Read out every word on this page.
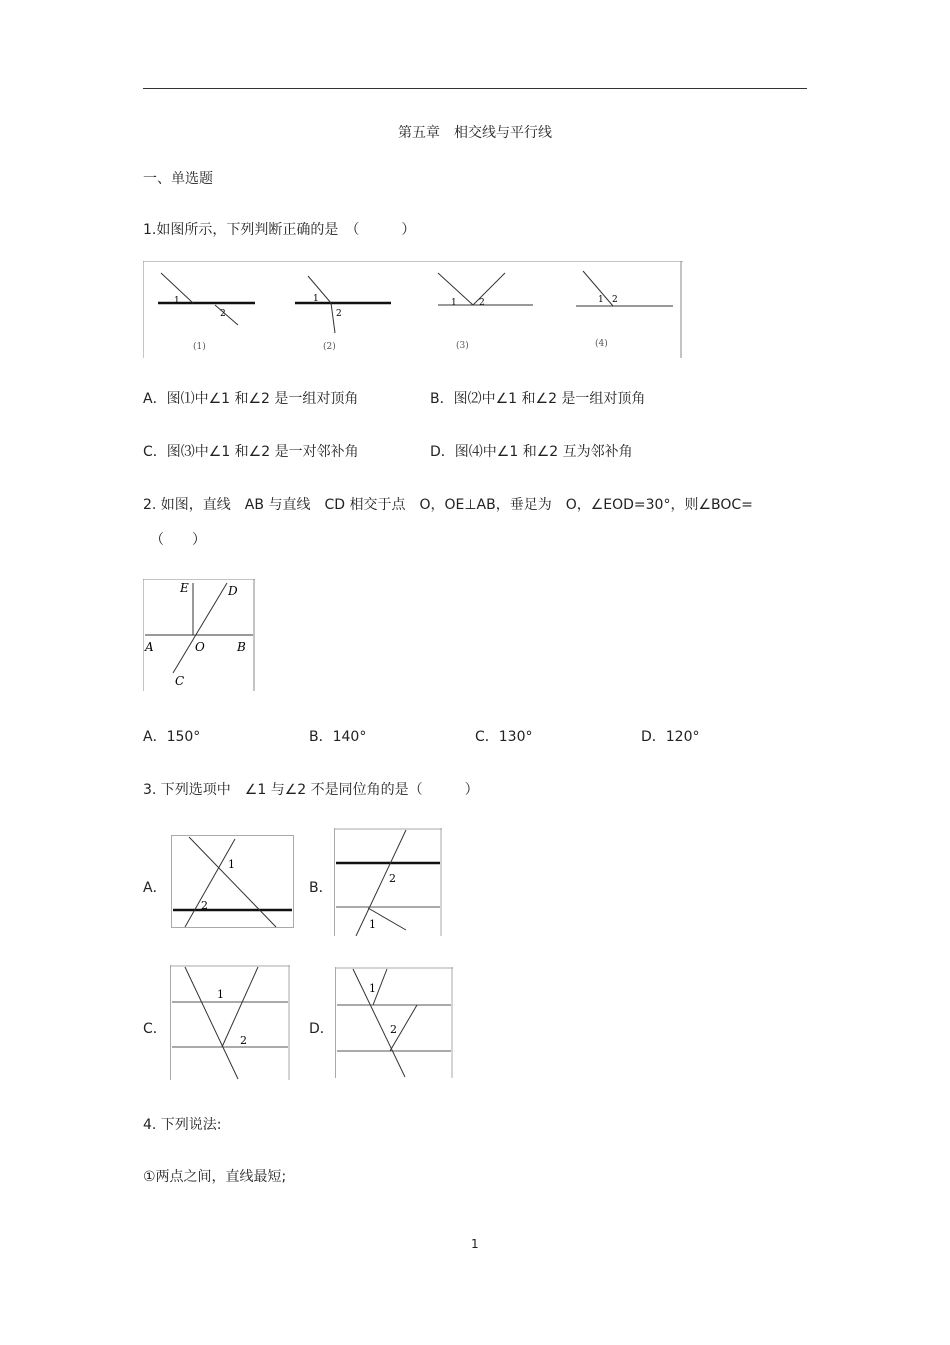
第五章　相交线与平行线
一、单选题
1.如图所示，下列判断正确的是　（　　　）
1
2
(1)
1
2
(2)
1 2
(3)
1 2
(4)
A．图⑴中∠1 和∠2 是一组对顶角	B．图⑵中∠1 和∠2 是一组对顶角
C．图⑶中∠1 和∠2 是一对邻补角	D．图⑷中∠1 和∠2 互为邻补角
2. 如图，直线　AB 与直线　CD 相交于点　O，OE⊥AB，垂足为　O，∠EOD=30°，则∠BOC=
（　　）
E	D
A	O	B
C
A．150°	B．140°	C．130°	D．120°
3. 下列选项中　∠1 与∠2 不是同位角的是（　　　）
A．
1
2
B．
2
1
C．
1
2
D．
1
2
4. 下列说法:
①两点之间，直线最短;
1
